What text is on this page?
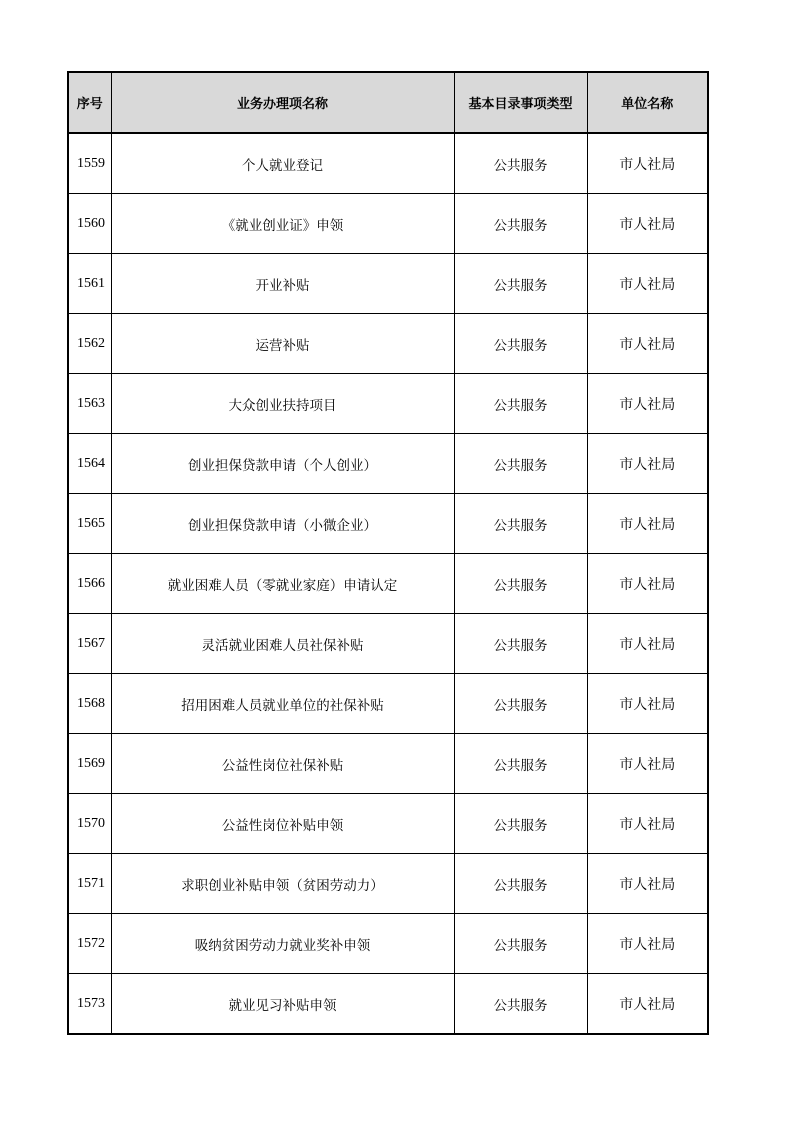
序号	业务办理项名称	基本目录事项类型	单位名称
1559	个人就业登记	公共服务	市人社局
1560	《就业创业证》申领	公共服务	市人社局
1561	开业补贴	公共服务	市人社局
1562	运营补贴	公共服务	市人社局
1563	大众创业扶持项目	公共服务	市人社局
1564	创业担保贷款申请（个人创业）	公共服务	市人社局
1565	创业担保贷款申请（小微企业）	公共服务	市人社局
1566	就业困难人员（零就业家庭）申请认定	公共服务	市人社局
1567	灵活就业困难人员社保补贴	公共服务	市人社局
1568	招用困难人员就业单位的社保补贴	公共服务	市人社局
1569	公益性岗位社保补贴	公共服务	市人社局
1570	公益性岗位补贴申领	公共服务	市人社局
1571	求职创业补贴申领（贫困劳动力）	公共服务	市人社局
1572	吸纳贫困劳动力就业奖补申领	公共服务	市人社局
1573	就业见习补贴申领	公共服务	市人社局
